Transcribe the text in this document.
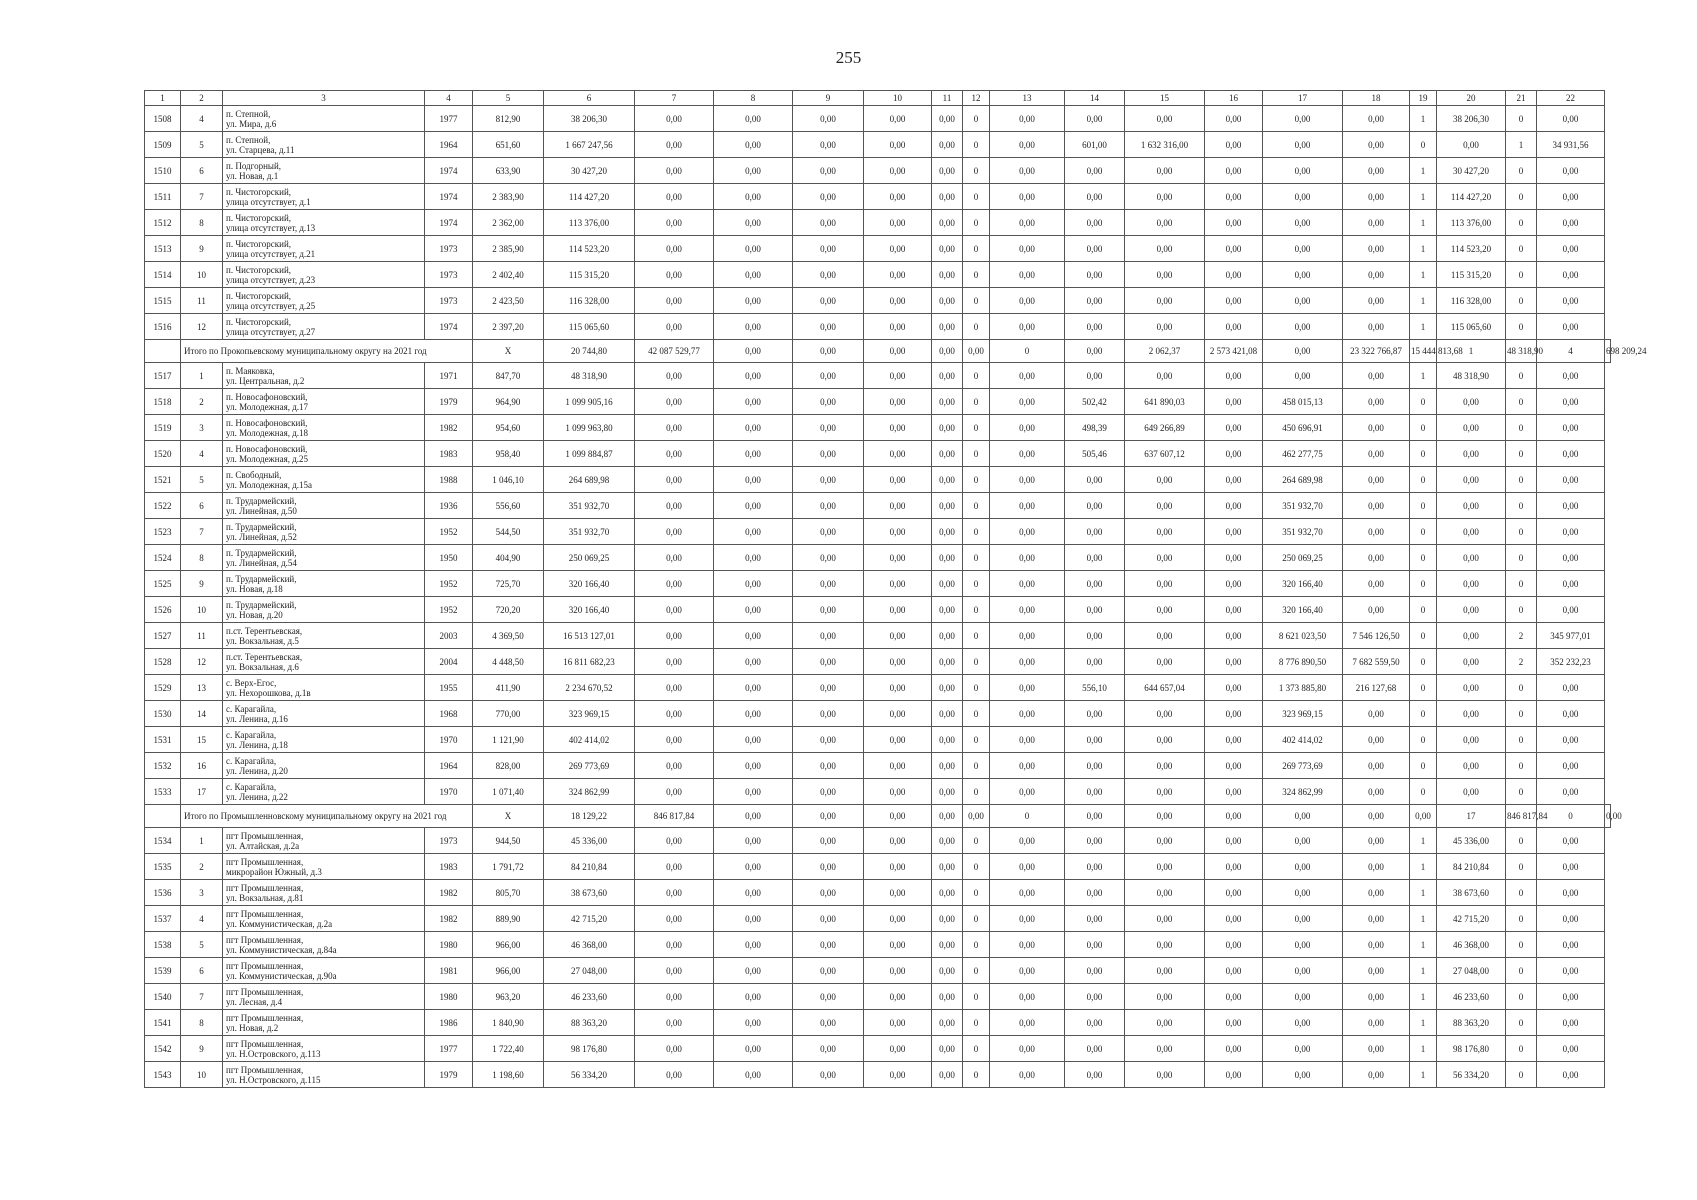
255
1	2	3	4	5	6	7	8	9	10	11	12	13	14	15	16	17	18	19	20	21	22	
1508	4	п. Степной,
ул. Мира, д.6	1977	812,90	38 206,30	0,00	0,00	0,00	0,00	0,00	0	0,00	0,00	0,00	0,00	0,00	0,00	1	38 206,30	0	0,00	
1509	5	п. Степной,
ул. Старцева, д.11	1964	651,60	1 667 247,56	0,00	0,00	0,00	0,00	0,00	0	0,00	601,00	1 632 316,00	0,00	0,00	0,00	0	0,00	1	34 931,56	
1510	6	п. Подгорный,
ул. Новая, д.1	1974	633,90	30 427,20	0,00	0,00	0,00	0,00	0,00	0	0,00	0,00	0,00	0,00	0,00	0,00	1	30 427,20	0	0,00	
1511	7	п. Чистогорский,
улица отсутствует, д.1	1974	2 383,90	114 427,20	0,00	0,00	0,00	0,00	0,00	0	0,00	0,00	0,00	0,00	0,00	0,00	1	114 427,20	0	0,00	
1512	8	п. Чистогорский,
улица отсутствует, д.13	1974	2 362,00	113 376,00	0,00	0,00	0,00	0,00	0,00	0	0,00	0,00	0,00	0,00	0,00	0,00	1	113 376,00	0	0,00	
1513	9	п. Чистогорский,
улица отсутствует, д.21	1973	2 385,90	114 523,20	0,00	0,00	0,00	0,00	0,00	0	0,00	0,00	0,00	0,00	0,00	0,00	1	114 523,20	0	0,00	
1514	10	п. Чистогорский,
улица отсутствует, д.23	1973	2 402,40	115 315,20	0,00	0,00	0,00	0,00	0,00	0	0,00	0,00	0,00	0,00	0,00	0,00	1	115 315,20	0	0,00	
1515	11	п. Чистогорский,
улица отсутствует, д.25	1973	2 423,50	116 328,00	0,00	0,00	0,00	0,00	0,00	0	0,00	0,00	0,00	0,00	0,00	0,00	1	116 328,00	0	0,00	
1516	12	п. Чистогорский,
улица отсутствует, д.27	1974	2 397,20	115 065,60	0,00	0,00	0,00	0,00	0,00	0	0,00	0,00	0,00	0,00	0,00	0,00	1	115 065,60	0	0,00	
	Итого по Прокопьевскому муниципальному округу на 2021 год			X	20 744,80	42 087 529,77	0,00	0,00	0,00	0,00	0,00	0	0,00	2 062,37	2 573 421,08	0,00	23 322 766,87	15 444 813,68	1	48 318,90	4	698 209,24
1517	1	п. Маяковка,
ул. Центральная, д.2	1971	847,70	48 318,90	0,00	0,00	0,00	0,00	0,00	0	0,00	0,00	0,00	0,00	0,00	0,00	1	48 318,90	0	0,00	
1518	2	п. Новосафоновский,
ул. Молодежная, д.17	1979	964,90	1 099 905,16	0,00	0,00	0,00	0,00	0,00	0	0,00	502,42	641 890,03	0,00	458 015,13	0,00	0	0,00	0	0,00	
1519	3	п. Новосафоновский,
ул. Молодежная, д.18	1982	954,60	1 099 963,80	0,00	0,00	0,00	0,00	0,00	0	0,00	498,39	649 266,89	0,00	450 696,91	0,00	0	0,00	0	0,00	
1520	4	п. Новосафоновский,
ул. Молодежная, д.25	1983	958,40	1 099 884,87	0,00	0,00	0,00	0,00	0,00	0	0,00	505,46	637 607,12	0,00	462 277,75	0,00	0	0,00	0	0,00	
1521	5	п. Свободный,
ул. Молодежная, д.15а	1988	1 046,10	264 689,98	0,00	0,00	0,00	0,00	0,00	0	0,00	0,00	0,00	0,00	264 689,98	0,00	0	0,00	0	0,00	
1522	6	п. Трудармейский,
ул. Линейная, д.50	1936	556,60	351 932,70	0,00	0,00	0,00	0,00	0,00	0	0,00	0,00	0,00	0,00	351 932,70	0,00	0	0,00	0	0,00	
1523	7	п. Трудармейский,
ул. Линейная, д.52	1952	544,50	351 932,70	0,00	0,00	0,00	0,00	0,00	0	0,00	0,00	0,00	0,00	351 932,70	0,00	0	0,00	0	0,00	
1524	8	п. Трудармейский,
ул. Линейная, д.54	1950	404,90	250 069,25	0,00	0,00	0,00	0,00	0,00	0	0,00	0,00	0,00	0,00	250 069,25	0,00	0	0,00	0	0,00	
1525	9	п. Трудармейский,
ул. Новая, д.18	1952	725,70	320 166,40	0,00	0,00	0,00	0,00	0,00	0	0,00	0,00	0,00	0,00	320 166,40	0,00	0	0,00	0	0,00	
1526	10	п. Трудармейский,
ул. Новая, д.20	1952	720,20	320 166,40	0,00	0,00	0,00	0,00	0,00	0	0,00	0,00	0,00	0,00	320 166,40	0,00	0	0,00	0	0,00	
1527	11	п.ст. Терентьевская,
ул. Вокзальная, д.5	2003	4 369,50	16 513 127,01	0,00	0,00	0,00	0,00	0,00	0	0,00	0,00	0,00	0,00	8 621 023,50	7 546 126,50	0	0,00	2	345 977,01	
1528	12	п.ст. Терентьевская,
ул. Вокзальная, д.6	2004	4 448,50	16 811 682,23	0,00	0,00	0,00	0,00	0,00	0	0,00	0,00	0,00	0,00	8 776 890,50	7 682 559,50	0	0,00	2	352 232,23	
1529	13	с. Верх-Егос,
ул. Нехорошкова, д.1в	1955	411,90	2 234 670,52	0,00	0,00	0,00	0,00	0,00	0	0,00	556,10	644 657,04	0,00	1 373 885,80	216 127,68	0	0,00	0	0,00	
1530	14	с. Карагайла,
ул. Ленина, д.16	1968	770,00	323 969,15	0,00	0,00	0,00	0,00	0,00	0	0,00	0,00	0,00	0,00	323 969,15	0,00	0	0,00	0	0,00	
1531	15	с. Карагайла,
ул. Ленина, д.18	1970	1 121,90	402 414,02	0,00	0,00	0,00	0,00	0,00	0	0,00	0,00	0,00	0,00	402 414,02	0,00	0	0,00	0	0,00	
1532	16	с. Карагайла,
ул. Ленина, д.20	1964	828,00	269 773,69	0,00	0,00	0,00	0,00	0,00	0	0,00	0,00	0,00	0,00	269 773,69	0,00	0	0,00	0	0,00	
1533	17	с. Карагайла,
ул. Ленина, д.22	1970	1 071,40	324 862,99	0,00	0,00	0,00	0,00	0,00	0	0,00	0,00	0,00	0,00	324 862,99	0,00	0	0,00	0	0,00	
	Итого по Промышленновскому муниципальному округу на 2021 год			X	18 129,22	846 817,84	0,00	0,00	0,00	0,00	0,00	0	0,00	0,00	0,00	0,00	0,00	0,00	17	846 817,84	0	0,00
1534	1	пгт Промышленная,
ул. Алтайская, д.2а	1973	944,50	45 336,00	0,00	0,00	0,00	0,00	0,00	0	0,00	0,00	0,00	0,00	0,00	0,00	1	45 336,00	0	0,00	
1535	2	пгт Промышленная,
микрорайон Южный, д.3	1983	1 791,72	84 210,84	0,00	0,00	0,00	0,00	0,00	0	0,00	0,00	0,00	0,00	0,00	0,00	1	84 210,84	0	0,00	
1536	3	пгт Промышленная,
ул. Вокзальная, д.81	1982	805,70	38 673,60	0,00	0,00	0,00	0,00	0,00	0	0,00	0,00	0,00	0,00	0,00	0,00	1	38 673,60	0	0,00	
1537	4	пгт Промышленная,
ул. Коммунистическая, д.2а	1982	889,90	42 715,20	0,00	0,00	0,00	0,00	0,00	0	0,00	0,00	0,00	0,00	0,00	0,00	1	42 715,20	0	0,00	
1538	5	пгт Промышленная,
ул. Коммунистическая, д.84а	1980	966,00	46 368,00	0,00	0,00	0,00	0,00	0,00	0	0,00	0,00	0,00	0,00	0,00	0,00	1	46 368,00	0	0,00	
1539	6	пгт Промышленная,
ул. Коммунистическая, д.90а	1981	966,00	27 048,00	0,00	0,00	0,00	0,00	0,00	0	0,00	0,00	0,00	0,00	0,00	0,00	1	27 048,00	0	0,00	
1540	7	пгт Промышленная,
ул. Лесная, д.4	1980	963,20	46 233,60	0,00	0,00	0,00	0,00	0,00	0	0,00	0,00	0,00	0,00	0,00	0,00	1	46 233,60	0	0,00	
1541	8	пгт Промышленная,
ул. Новая, д.2	1986	1 840,90	88 363,20	0,00	0,00	0,00	0,00	0,00	0	0,00	0,00	0,00	0,00	0,00	0,00	1	88 363,20	0	0,00	
1542	9	пгт Промышленная,
ул. Н.Островского, д.113	1977	1 722,40	98 176,80	0,00	0,00	0,00	0,00	0,00	0	0,00	0,00	0,00	0,00	0,00	0,00	1	98 176,80	0	0,00	
1543	10	пгт Промышленная,
ул. Н.Островского, д.115	1979	1 198,60	56 334,20	0,00	0,00	0,00	0,00	0,00	0	0,00	0,00	0,00	0,00	0,00	0,00	1	56 334,20	0	0,00	
